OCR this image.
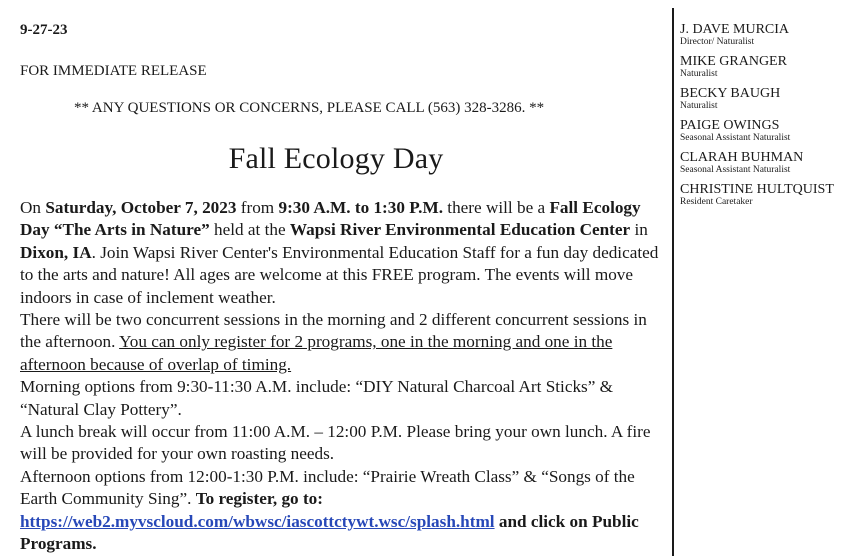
9-27-23
FOR IMMEDIATE RELEASE
** ANY QUESTIONS OR CONCERNS, PLEASE CALL (563) 328-3286. **
Fall Ecology Day

On Saturday, October 7, 2023 from 9:30 A.M. to 1:30 P.M. there will be a Fall Ecology Day “The Arts in Nature” held at the Wapsi River Environmental Education Center in Dixon, IA. Join Wapsi River Center's Environmental Education Staff for a fun day dedicated to the arts and nature! All ages are welcome at this FREE program. The events will move indoors in case of inclement weather.

There will be two concurrent sessions in the morning and 2 different concurrent sessions in the afternoon. You can only register for 2 programs, one in the morning and one in the afternoon because of overlap of timing.

Morning options from 9:30-11:30 A.M. include: “DIY Natural Charcoal Art Sticks” & “Natural Clay Pottery”.

A lunch break will occur from 11:00 A.M. – 12:00 P.M. Please bring your own lunch. A fire will be provided for your own roasting needs.

Afternoon options from 12:00-1:30 P.M. include: “Prairie Wreath Class” & “Songs of the Earth Community Sing”. To register, go to:
https://web2.myvscloud.com/wbwsc/iascottctywt.wsc/splash.html and click on Public Programs.

J. DAVE MURCIA
Director/ Naturalist
MIKE GRANGER
Naturalist
BECKY BAUGH
Naturalist
PAIGE OWINGS
Seasonal Assistant Naturalist
CLARAH BUHMAN
Seasonal Assistant Naturalist
CHRISTINE HULTQUIST
Resident Caretaker
